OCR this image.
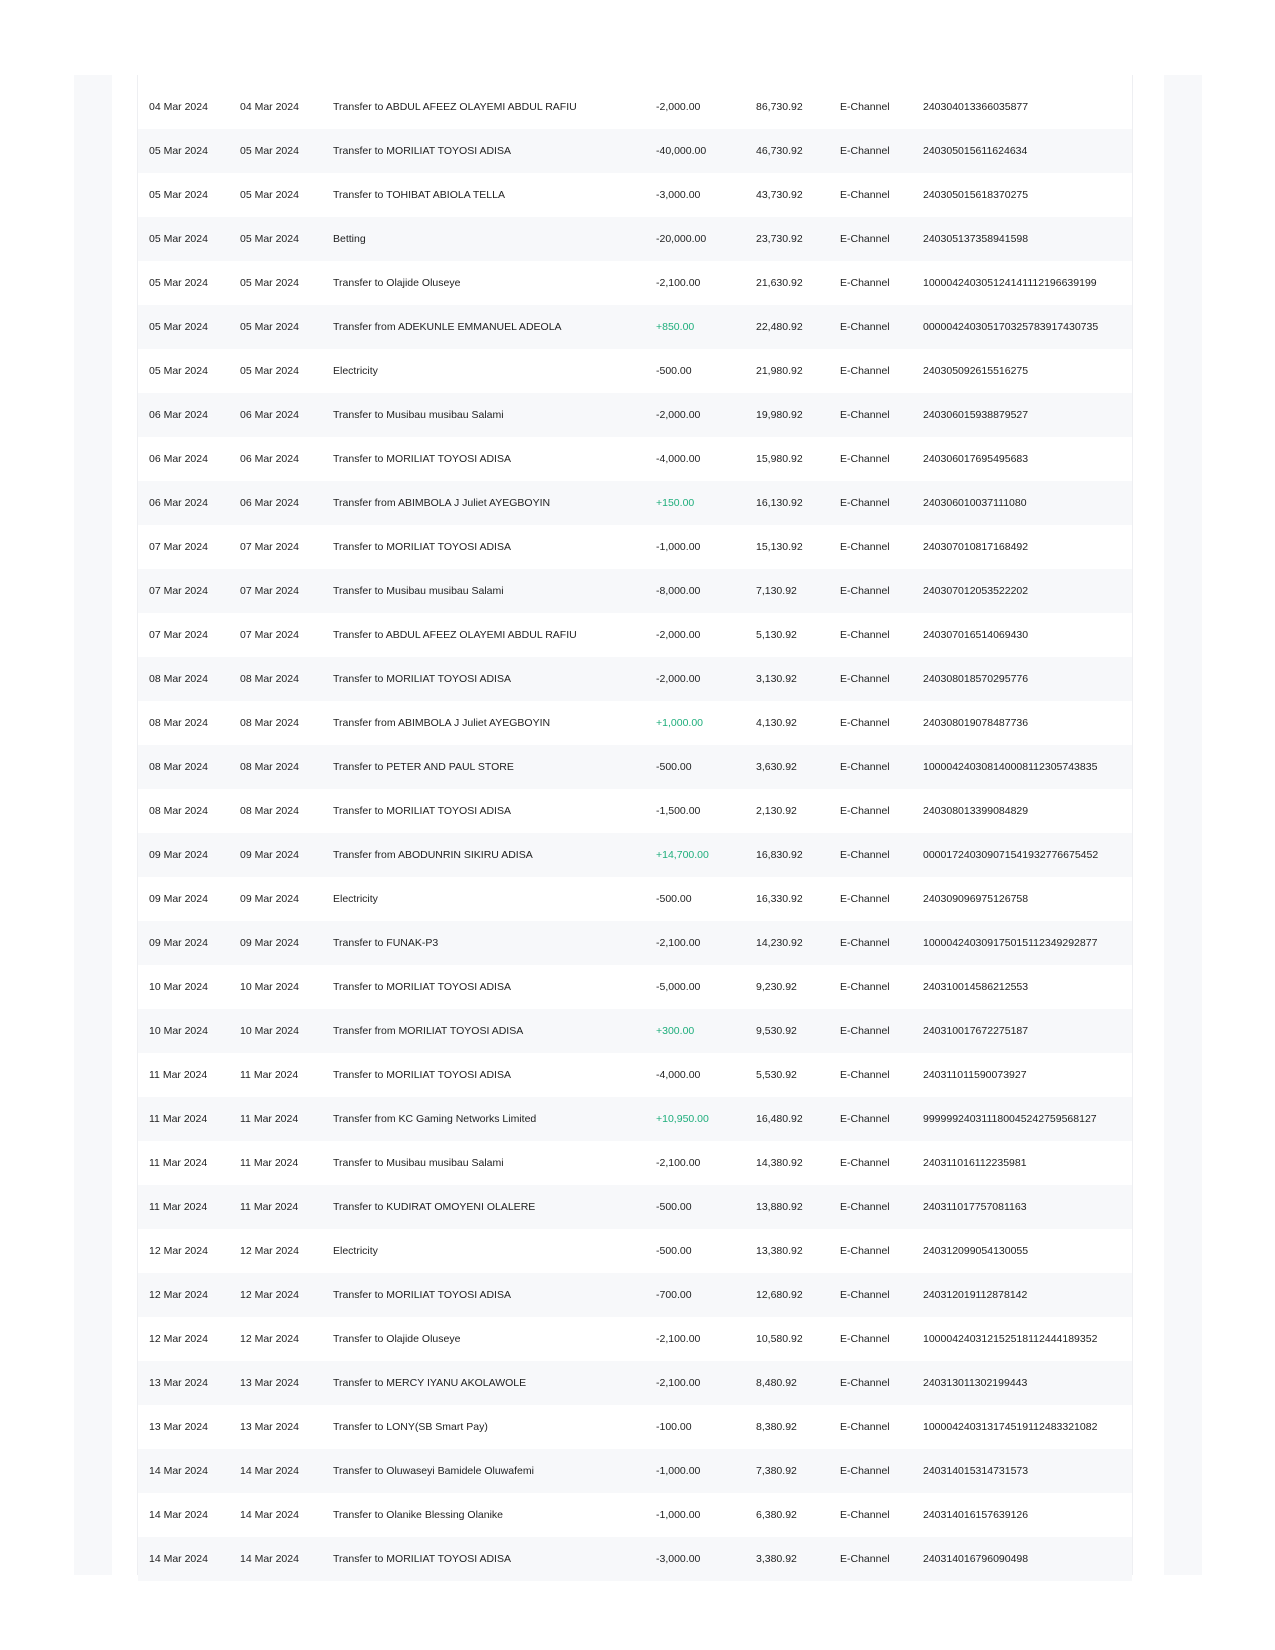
04 Mar 2024	04 Mar 2024	Transfer to ABDUL AFEEZ OLAYEMI ABDUL RAFIU	-2,000.00	86,730.92	E-Channel	240304013366035877
05 Mar 2024	05 Mar 2024	Transfer to MORILIAT TOYOSI ADISA	-40,000.00	46,730.92	E-Channel	240305015611624634
05 Mar 2024	05 Mar 2024	Transfer to TOHIBAT ABIOLA TELLA	-3,000.00	43,730.92	E-Channel	240305015618370275
05 Mar 2024	05 Mar 2024	Betting	-20,000.00	23,730.92	E-Channel	240305137358941598
05 Mar 2024	05 Mar 2024	Transfer to Olajide Oluseye	-2,100.00	21,630.92	E-Channel	100004240305124141112196639199
05 Mar 2024	05 Mar 2024	Transfer from ADEKUNLE EMMANUEL ADEOLA	+850.00	22,480.92	E-Channel	000004240305170325783917430735
05 Mar 2024	05 Mar 2024	Electricity	-500.00	21,980.92	E-Channel	240305092615516275
06 Mar 2024	06 Mar 2024	Transfer to Musibau musibau Salami	-2,000.00	19,980.92	E-Channel	240306015938879527
06 Mar 2024	06 Mar 2024	Transfer to MORILIAT TOYOSI ADISA	-4,000.00	15,980.92	E-Channel	240306017695495683
06 Mar 2024	06 Mar 2024	Transfer from ABIMBOLA J Juliet AYEGBOYIN	+150.00	16,130.92	E-Channel	240306010037111080
07 Mar 2024	07 Mar 2024	Transfer to MORILIAT TOYOSI ADISA	-1,000.00	15,130.92	E-Channel	240307010817168492
07 Mar 2024	07 Mar 2024	Transfer to Musibau musibau Salami	-8,000.00	7,130.92	E-Channel	240307012053522202
07 Mar 2024	07 Mar 2024	Transfer to ABDUL AFEEZ OLAYEMI ABDUL RAFIU	-2,000.00	5,130.92	E-Channel	240307016514069430
08 Mar 2024	08 Mar 2024	Transfer to MORILIAT TOYOSI ADISA	-2,000.00	3,130.92	E-Channel	240308018570295776
08 Mar 2024	08 Mar 2024	Transfer from ABIMBOLA J Juliet AYEGBOYIN	+1,000.00	4,130.92	E-Channel	240308019078487736
08 Mar 2024	08 Mar 2024	Transfer to PETER AND PAUL STORE	-500.00	3,630.92	E-Channel	100004240308140008112305743835
08 Mar 2024	08 Mar 2024	Transfer to MORILIAT TOYOSI ADISA	-1,500.00	2,130.92	E-Channel	240308013399084829
09 Mar 2024	09 Mar 2024	Transfer from ABODUNRIN SIKIRU ADISA	+14,700.00	16,830.92	E-Channel	000017240309071541932776675452
09 Mar 2024	09 Mar 2024	Electricity	-500.00	16,330.92	E-Channel	240309096975126758
09 Mar 2024	09 Mar 2024	Transfer to FUNAK-P3	-2,100.00	14,230.92	E-Channel	100004240309175015112349292877
10 Mar 2024	10 Mar 2024	Transfer to MORILIAT TOYOSI ADISA	-5,000.00	9,230.92	E-Channel	240310014586212553
10 Mar 2024	10 Mar 2024	Transfer from MORILIAT TOYOSI ADISA	+300.00	9,530.92	E-Channel	240310017672275187
11 Mar 2024	11 Mar 2024	Transfer to MORILIAT TOYOSI ADISA	-4,000.00	5,530.92	E-Channel	240311011590073927
11 Mar 2024	11 Mar 2024	Transfer from KC Gaming Networks Limited	+10,950.00	16,480.92	E-Channel	999999240311180045242759568127
11 Mar 2024	11 Mar 2024	Transfer to Musibau musibau Salami	-2,100.00	14,380.92	E-Channel	240311016112235981
11 Mar 2024	11 Mar 2024	Transfer to KUDIRAT OMOYENI OLALERE	-500.00	13,880.92	E-Channel	240311017757081163
12 Mar 2024	12 Mar 2024	Electricity	-500.00	13,380.92	E-Channel	240312099054130055
12 Mar 2024	12 Mar 2024	Transfer to MORILIAT TOYOSI ADISA	-700.00	12,680.92	E-Channel	240312019112878142
12 Mar 2024	12 Mar 2024	Transfer to Olajide Oluseye	-2,100.00	10,580.92	E-Channel	100004240312152518112444189352
13 Mar 2024	13 Mar 2024	Transfer to MERCY IYANU AKOLAWOLE	-2,100.00	8,480.92	E-Channel	240313011302199443
13 Mar 2024	13 Mar 2024	Transfer to LONY(SB Smart Pay)	-100.00	8,380.92	E-Channel	100004240313174519112483321082
14 Mar 2024	14 Mar 2024	Transfer to Oluwaseyi Bamidele Oluwafemi	-1,000.00	7,380.92	E-Channel	240314015314731573
14 Mar 2024	14 Mar 2024	Transfer to Olanike Blessing Olanike	-1,000.00	6,380.92	E-Channel	240314016157639126
14 Mar 2024	14 Mar 2024	Transfer to MORILIAT TOYOSI ADISA	-3,000.00	3,380.92	E-Channel	240314016796090498
